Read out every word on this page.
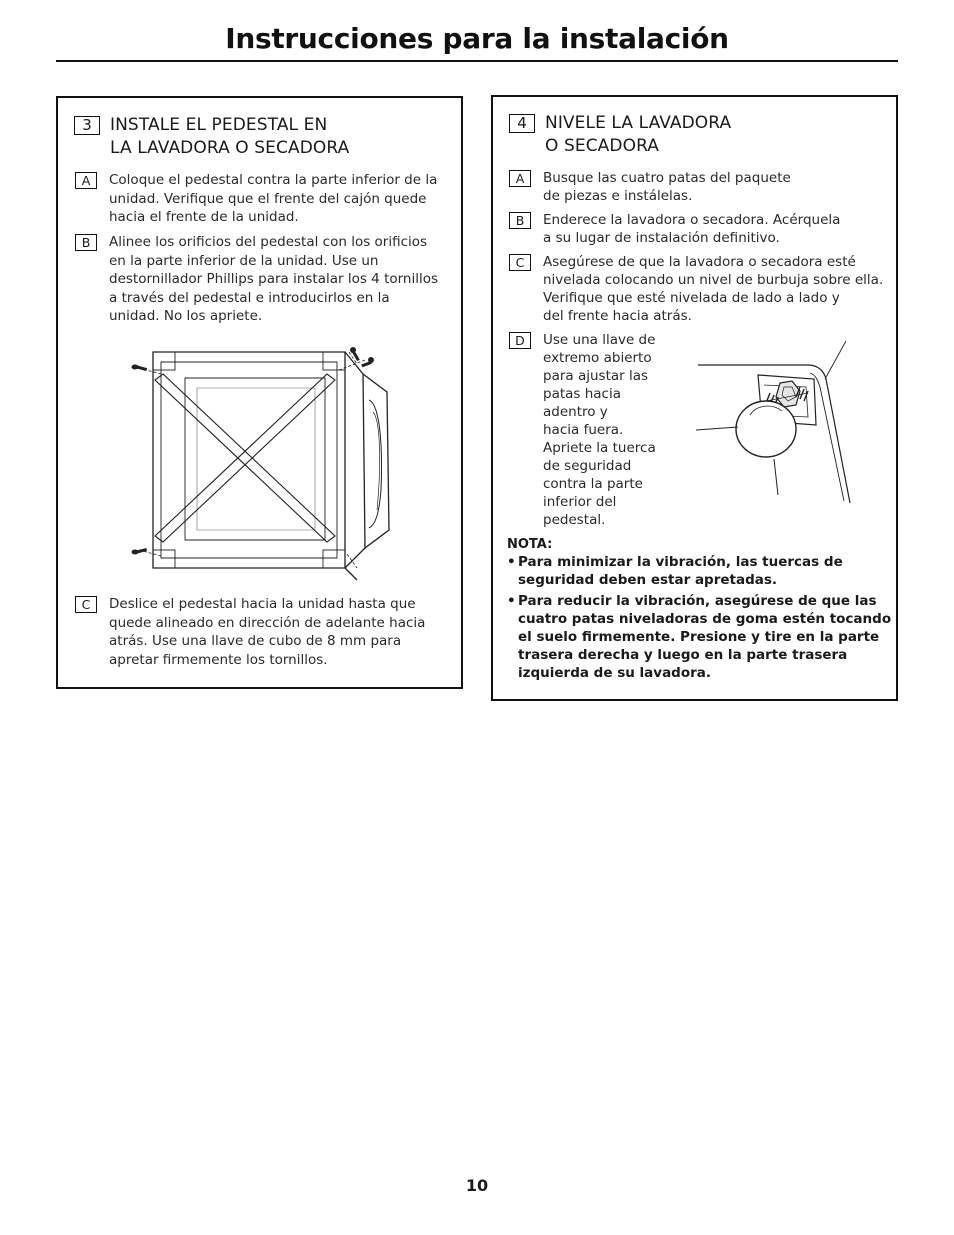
Instrucciones para la instalación
3	INSTALE EL PEDESTAL EN
LA LAVADORA O SECADORA
A	Coloque el pedestal contra la parte inferior de la
unidad. Verifique que el frente del cajón quede
hacia el frente de la unidad.
B	Alinee los orificios del pedestal con los orificios
en la parte inferior de la unidad. Use un
destornillador Phillips para instalar los 4 tornillos
a través del pedestal e introducirlos en la
unidad. No los apriete.
C	Deslice el pedestal hacia la unidad hasta que
quede alineado en dirección de adelante hacia
atrás. Use una llave de cubo de 8 mm para
apretar firmemente los tornillos.
4	NIVELE LA LAVADORA
O SECADORA
A	Busque las cuatro patas del paquete
de piezas e instálelas.
B	Enderece la lavadora o secadora. Acérquela
a su lugar de instalación definitivo.
C	Asegúrese de que la lavadora o secadora esté
nivelada colocando un nivel de burbuja sobre ella.
Verifique que esté nivelada de lado a lado y
del frente hacia atrás.
D	Use una llave de
extremo abierto
para ajustar las
patas hacia
adentro y
hacia fuera.
Apriete la tuerca
de seguridad
contra la parte
inferior del
pedestal.
NOTA:
• Para minimizar la vibración, las tuercas de
seguridad deben estar apretadas.
• Para reducir la vibración, asegúrese de que las
cuatro patas niveladoras de goma estén tocando
el suelo firmemente. Presione y tire en la parte
trasera derecha y luego en la parte trasera
izquierda de su lavadora.
10
